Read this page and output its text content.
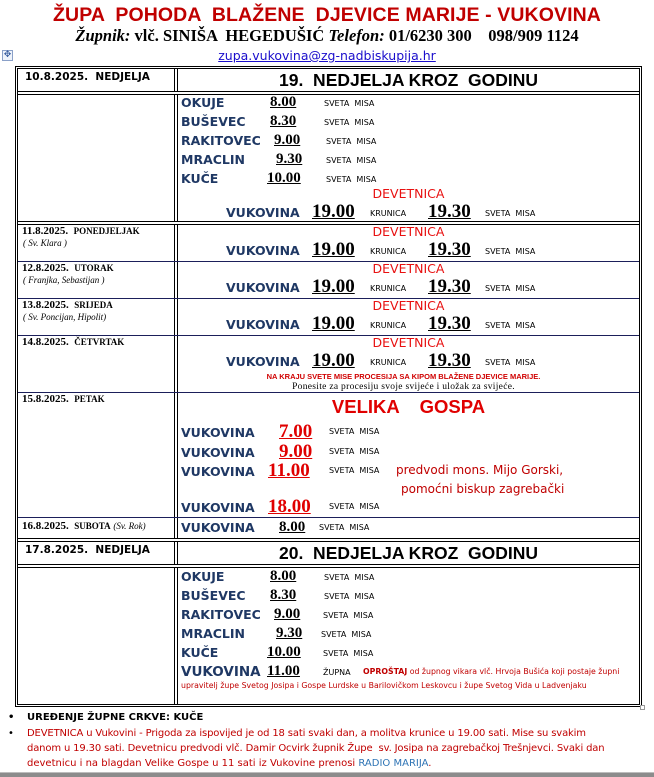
ŽUPA  POHODA  BLAŽENE  DJEVICE MARIJE - VUKOVINA
Župnik: vlč. SINIŠA  HEGEDUŠIĆ Telefon: 01/6230 300    098/909 1124
✥	zupa.vukovina@zg-nadbiskupija.hr
10.8.2025.  NEDJELJA	19.  NEDJELJA KROZ  GODINU
OKUJE	8.00	SVETA  MISA
BUŠEVEC 8.30	SVETA  MISA
RAKITOVEC 9.00	SVETA  MISA
MRACLIN 9.30	SVETA  MISA
KUČE	10.00	SVETA  MISA
DEVETNICA
VUKOVINA 19.00 KRUNICA 19.30 SVETA  MISA
11.8.2025. PONEDJELJAK
( Sv. Klara )
DEVETNICA
VUKOVINA 19.00 KRUNICA 19.30 SVETA  MISA
12.8.2025. UTORAK
( Franjka, Sebastijan )
DEVETNICA
VUKOVINA 19.00 KRUNICA 19.30 SVETA  MISA
13.8.2025. SRIJEDA
( Sv. Poncijan, Hipolit)
DEVETNICA
VUKOVINA 19.00 KRUNICA 19.30 SVETA  MISA
14.8.2025. ČETVRTAK	DEVETNICA
VUKOVINA 19.00 KRUNICA 19.30 SVETA  MISA
NA KRAJU SVETE MISE PROCESIJA SA KIPOM BLAŽENE DJEVICE MARIJE.
Ponesite za procesiju svoje svijeće i uložak za svijeće.
15.8.2025. PETAK	VELIKA    GOSPA
VUKOVINA 7.00 SVETA  MISA
VUKOVINA 9.00 SVETA  MISA
VUKOVINA 11.00 SVETA  MISA predvodi mons. Mijo Gorski,
pomoćni biskup zagrebački
VUKOVINA 18.00 SVETA  MISA
16.8.2025. SUBOTA (Sv. Rok)	VUKOVINA 8.00 SVETA  MISA
17.8.2025.  NEDJELJA	20.  NEDJELJA KROZ  GODINU
OKUJE	8.00	SVETA  MISA
BUŠEVEC 8.30	SVETA  MISA
RAKITOVEC 9.00	SVETA  MISA
MRACLIN 9.30 SVETA  MISA
KUČE	10.00	SVETA  MISA
VUKOVINA 11.00	ŽUPNA OPROŠTAJ od župnog vikara vlč. Hrvoja Bušića koji postaje župni
upravitelj župe Svetog Josipa i Gospe Lurdske u Barilovičkom Leskovcu i župe Svetog Vida u Ladvenjaku
• UREĐENJE ŽUPNE CRKVE: KUČE
• DEVETNICA u Vukovini - Prigoda za ispovijed je od 18 sati svaki dan, a molitva krunice u 19.00 sati. Mise su svakim
danom u 19.30 sati. Devetnicu predvodi vlč. Damir Ocvirk župnik Župe  sv. Josipa na zagrebačkoj Trešnjevci. Svaki dan
devetnicu i na blagdan Velike Gospe u 11 sati iz Vukovine prenosi RADIO MARIJA.
